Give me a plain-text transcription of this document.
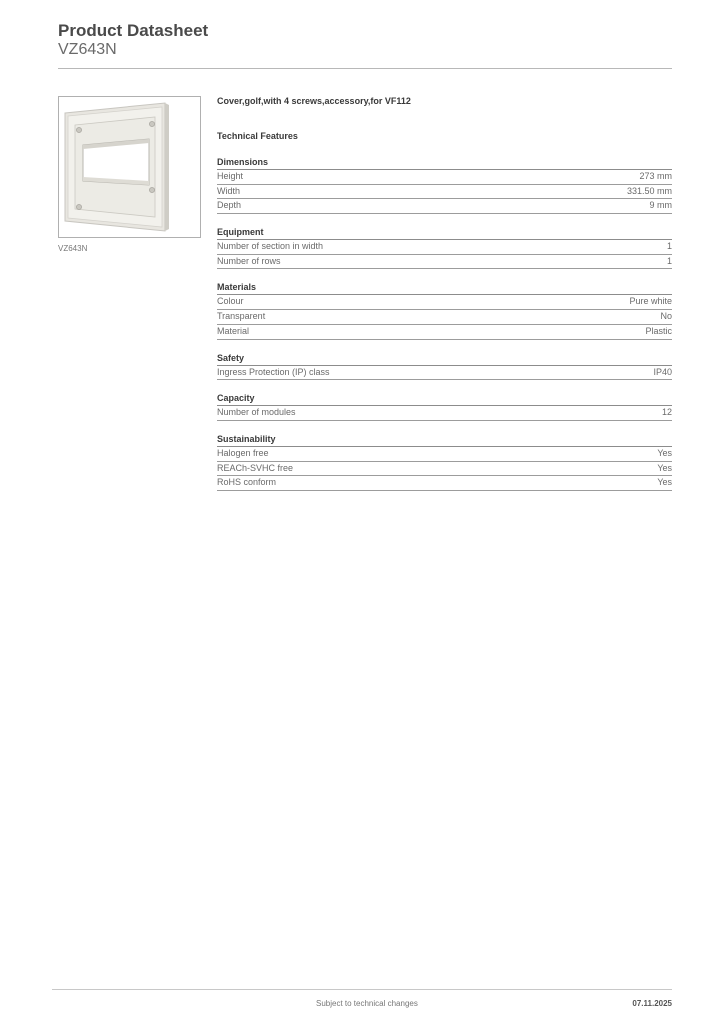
Product Datasheet
VZ643N
VZ643N
Cover,golf,with 4 screws,accessory,for VF112
Technical Features
Dimensions
Height	273 mm
Width	331.50 mm
Depth	9 mm
Equipment
Number of section in width	1
Number of rows	1
Materials
Colour	Pure white
Transparent	No
Material	Plastic
Safety
Ingress Protection (IP) class	IP40
Capacity
Number of modules	12
Sustainability
Halogen free	Yes
REACh-SVHC free	Yes
RoHS conform	Yes
Subject to technical changes	07.11.2025
